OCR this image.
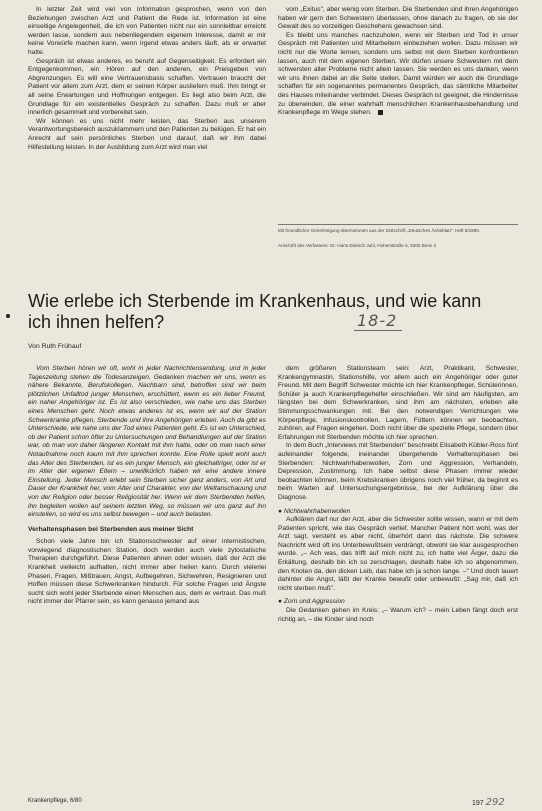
In letzter Zeit wird viel von Information gesprochen, wenn von den Beziehungen zwischen Arzt und Patient die Rede ist. Information ist eine einseitige Angelegenheit, die ich von Patienten nicht nur ein sonnleitbar erreicht werden lasse, sondern aus nebenliegendem eigenem Interesse, damit er mir keine Vorwürfe machen kann, wenn irgend etwas anders läuft, als er erwartet hatte.

Gespräch ist etwas anderes, es beruht auf Gegenseitigkeit. Es erfordert ein Entgegenkommen, ein Hören auf den anderen, ein Preisgeben von Abgrenzungen. Es will eine Vertrauensbasis schaffen. Vertrauen braucht der Patient vor allem zum Arzt, dem er seinen Körper ausliefern muß. Ihm bringt er all seine Erwartungen und Hoffnungen entgegen. Es liegt also beim Arzt, die Grundlage für ein existentielles Gespräch zu schaffen. Dazu muß er aber innerlich gesammelt und vorbereitet sein.

Wir können es uns nicht mehr leisten, das Sterben aus unserem Verantwortungsbereich auszuklammern und den Patienten zu belügen. Er hat ein Anrecht auf sein persönliches Sterben und darauf, daß wir ihm dabei Hilfestellung leisten. In der Ausbildung zum Arzt wird man viel

vom „Exitus", aber wenig vom Sterben. Die Sterbenden sind ihren Angehörigen haben wir gern den Schwestern überlassen, ohne danach zu fragen, ob sie der Gewalt des so vorzeitigen Geschehens gewachsen sind.

Es bleibt uns manches nachzuholen, wenn wir Sterben und Tod in unser Gespräch mit Patienten und Mitarbeitern einbeziehen wollen. Dazu müssen wir nicht nur die Worte lernen, sondern uns selbst mit dem Sterben konfrontieren lassen, auch mit dem eigenen Sterben. Wir dürfen unsere Schwestern mit dem schwersten aller Probleme nicht allein lassen. Sie werden es uns danken, wenn wir uns ihnen dabei an die Seite stellen. Damit würden wir auch die Grundlage schaffen für ein sogenanntes permanentes Gespräch, das sämtliche Mitarbeiter des Hauses miteinander verbindet. Dieses Gespräch ist geeignet, die Hindernisse zu überwinden, die einer wahrhaft menschlichen Krankenhausbehandlung und Krankenpflege im Wege stehen.

Mit freundlicher Genehmigung übernommen aus der Zeitschrift „Deutsches Ärzteblatt", Heft 8/1980.
Anschrift des Verfassers: Dr. Hans-Dietrich Juhl, Hohenstraße 6, 5300 Bonn 2
Wie erlebe ich Sterbende im Krankenhaus, und wie kann ich ihnen helfen?	18-2
Von Ruth Frühauf

Vom Sterben hören wir oft, wohl in jeder Nachrichtensendung, und in jeder Tageszeitung stehen die Todesanzeigen. Gedanken machen wir uns, wenn es nähere Bekannte, Berufskollegen, Nachbarn sind, betroffen sind wir beim plötzlichen Unfalltod junger Menschen, erschüttert, wenn es ein lieber Freund, ein naher Angehöriger ist. Es ist also verschieden, wie nahe uns das Sterben eines Menschen geht. Noch etwas anderes ist es, wenn wir auf der Station Schwerkranke pflegen, Sterbende und ihre Angehörigen erleben. Auch da gibt es Unterschiede, wie nahe uns der Tod eines Patienten geht. Es ist ein Unterschied, ob der Patient schon öfter zu Untersuchungen und Behandlungen auf der Station war, ob man von daher längeren Kontakt mit ihm hatte, oder ob man nach einer Notaufnahme noch kaum mit ihm sprechen konnte. Eine Rolle spielt wohl auch das Alter des Sterbenden, ist es ein junger Mensch, ein gleichaltriger, oder ist er im Alter der eigenen Eltern – unwillkürlich haben wir eine andere innere Einstellung. Jeder Mensch erlebt sein Sterben sicher ganz anders, von Art und Dauer der Krankheit her, vom Alter und Charakter, von der Weltanschauung und von der Religion oder besser Religiosität her. Wenn wir dem Sterbenden helfen, ihn begleiten wollen auf seinem letzten Weg, so müssen wir uns ganz auf ihn einstellen, so wird es uns selbst bewegen – und auch belasten.

Verhaltensphasen bei Sterbenden aus meiner Sicht

Schon viele Jahre bin ich Stationsschwester auf einer internistischen, vorwiegend diagnostischen Station, doch werden auch viele zytostatische Therapien durchgeführt. Diese Patienten ahnen oder wissen, daß der Arzt die Krankheit vielleicht aufhalten, nicht immer aber heilen kann. Durch vielerlei Phasen, Fragen, Mißtrauen, Angst, Aufbegehren, Sichwehren, Resignieren und Hoffen müssen diese Schwerkranken hindurch. Für solche Fragen und Ängste sucht sich wohl jeder Sterbende einen Menschen aus, dem er vertraut. Das muß nicht immer der Pfarrer sein, es kann genauso jemand aus

dem größeren Stationsteam sein: Arzt, Praktikant, Schwester, Krankengymnastin, Stationshilfe, vor allem auch ein Angehöriger oder guter Freund. Mit dem Begriff Schwester möchte ich hier Krankenpfleger, Schülerinnen, Schüler ja auch Krankenpflegehelfer einschließen. Wir sind am häufigsten, am längsten bei dem Schwerkranken, sind ihm am nächsten, erleben alle Stimmungsschwankungen mit. Bei den notwendigen Verrichtungen wie Körperpflege, Infusionskontrollen, Lagern, Füttern können wir beobachten, zuhören, auf Fragen eingehen. Doch nicht über die spezielle Pflege, sondern über Erfahrungen mit Sterbenden möchte ich hier sprechen.

In dem Buch „Interviews mit Sterbenden" beschreibt Elisabeth Kübler-Ross fünf aufeinander folgende, ineinander übergehende Verhaltensphasen bei Sterbenden: Nichtwahrhabenwollen, Zorn und Aggression, Verhandeln, Depression, Zustimmung. Ich habe selbst diese Phasen immer wieder beobachten können, beim Krebskranken übrigens noch viel früher, da beginnt es beim Warten auf Untersuchungsergebnisse, bei der Aufklärung über die Diagnose.

● Nichtwahrhabenwollen

Aufklären darf nur der Arzt, aber die Schwester sollte wissen, wann er mit dem Patienten spricht, wie das Gespräch verlief. Mancher Patient hört wohl, was der Arzt sagt, versteht es aber nicht, überhört dann das nächste. Die schwere Nachricht wird oft ins Unterbewußtsein verdrängt, obwohl sie klar ausgesprochen wurde. „– Ach was, das trifft auf mich nicht zu, ich hatte viel Ärger, dazu die Erkältung, deshalb bin ich so zerschlagen, deshalb habe ich so abgenommen, den Knoten da, den dicken Leib, das habe ich ja schon lange. –" Und doch lauert dahinter die Angst, läßt der Kranke bewußt oder unbewußt: „Sag mir, daß ich nicht sterben muß".

● Zorn und Aggression

Die Gedanken gehen im Kreis: „– Warum ich? – mein Leben fängt doch erst richtig an, – die Kinder sind noch

Krankenpflege, 6/80	197 292
